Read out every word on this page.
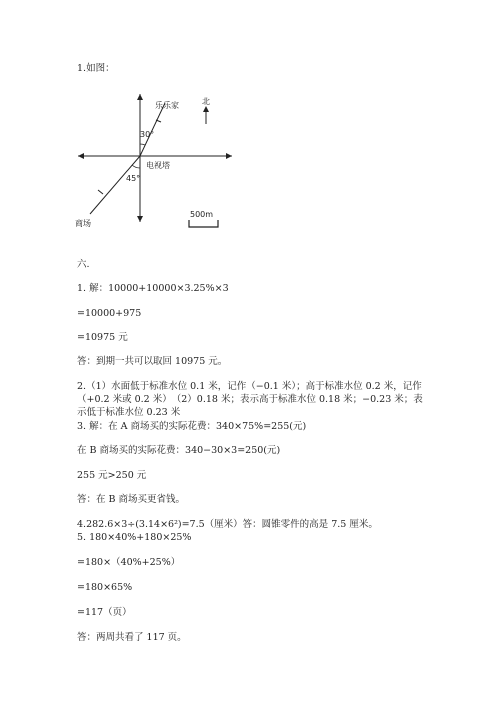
1.如图：

乐乐家
30°
电视塔
45°
商场
北
500m

六.

1. 解：10000+10000×3.25%×3

=10000+975

=10975 元

答：到期一共可以取回 10975 元。

2.（1）水面低于标准水位 0.1 米，记作（−0.1 米）；高于标准水位 0.2 米，记作（+0.2 米或 0.2 米）　（2）0.18 米；表示高于标准水位 0.18 米；−0.23 米；表示低于标准水位 0.23 米

3. 解：在 A 商场买的实际花费：340×75%=255(元)

在 B 商场买的实际花费：340−30×3=250(元)

255 元>250 元

答：在 B 商场买更省钱。

4.282.6×3÷(3.14×6²)=7.5（厘米）答：圆锥零件的高是 7.5 厘米。

5. 180×40%+180×25%

=180×（40%+25%）

=180×65%

=117（页）

答：两周共看了 117 页。
